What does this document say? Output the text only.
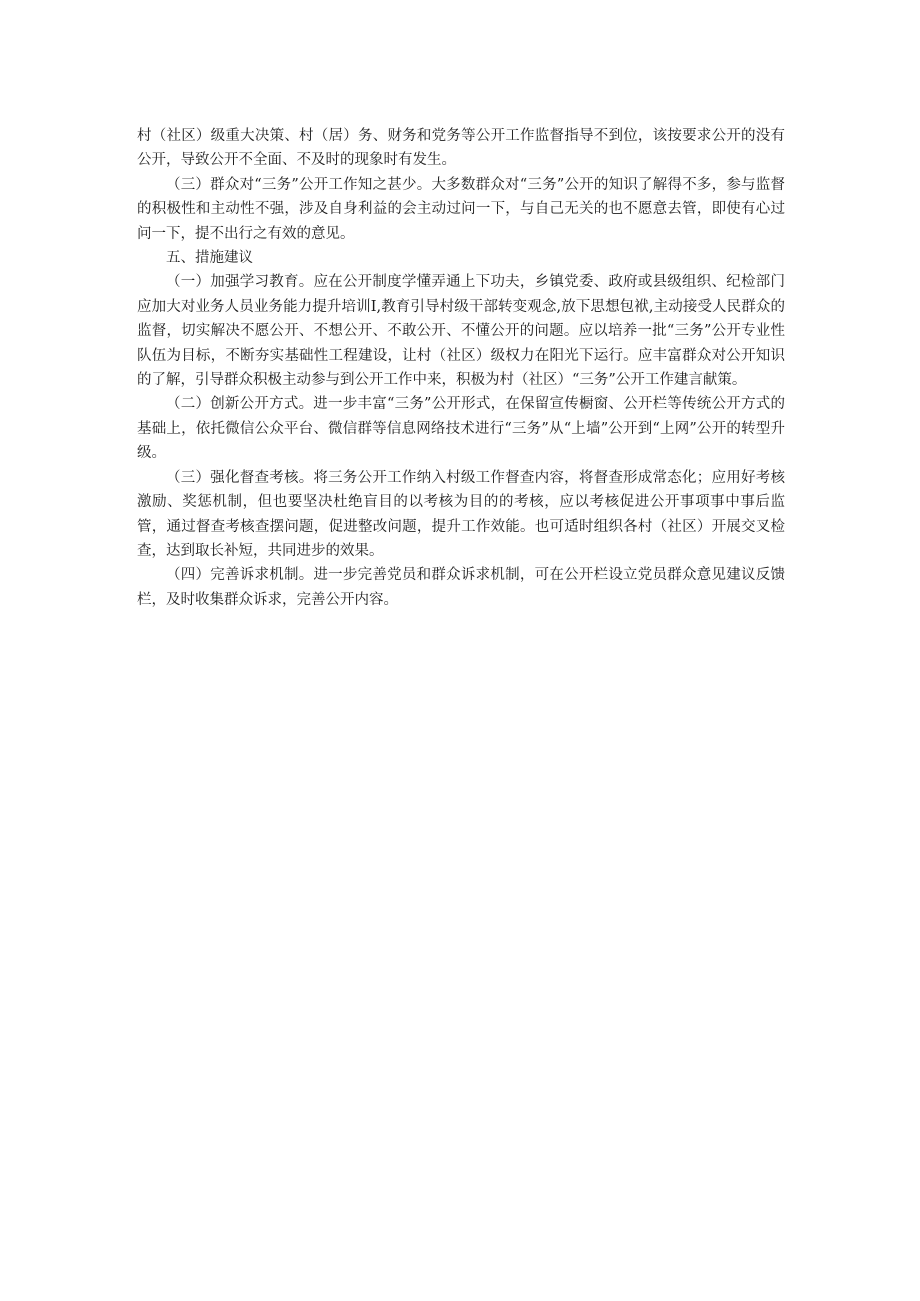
村（社区）级重大决策、村（居）务、财务和党务等公开工作监督指导不到位，该按要求公开的没有公开，导致公开不全面、不及时的现象时有发生。

（三）群众对“三务”公开工作知之甚少。大多数群众对“三务”公开的知识了解得不多，参与监督的积极性和主动性不强，涉及自身利益的会主动过问一下，与自己无关的也不愿意去管，即使有心过问一下，提不出行之有效的意见。

五、措施建议

（一）加强学习教育。应在公开制度学懂弄通上下功夫，乡镇党委、政府或县级组织、纪检部门应加大对业务人员业务能力提升培训I,教育引导村级干部转变观念,放下思想包袱,主动接受人民群众的监督，切实解决不愿公开、不想公开、不敢公开、不懂公开的问题。应以培养一批“三务”公开专业性队伍为目标，不断夯实基础性工程建设，让村（社区）级权力在阳光下运行。应丰富群众对公开知识的了解，引导群众积极主动参与到公开工作中来，积极为村（社区）“三务”公开工作建言献策。

（二）创新公开方式。进一步丰富“三务”公开形式，在保留宣传橱窗、公开栏等传统公开方式的基础上，依托微信公众平台、微信群等信息网络技术进行“三务”从“上墙”公开到“上网”公开的转型升级。

（三）强化督查考核。将三务公开工作纳入村级工作督查内容，将督查形成常态化；应用好考核激励、奖惩机制，但也要坚决杜绝盲目的以考核为目的的考核，应以考核促进公开事项事中事后监管，通过督查考核查摆问题，促进整改问题，提升工作效能。也可适时组织各村（社区）开展交叉检查，达到取长补短，共同进步的效果。

（四）完善诉求机制。进一步完善党员和群众诉求机制，可在公开栏设立党员群众意见建议反馈栏，及时收集群众诉求，完善公开内容。
